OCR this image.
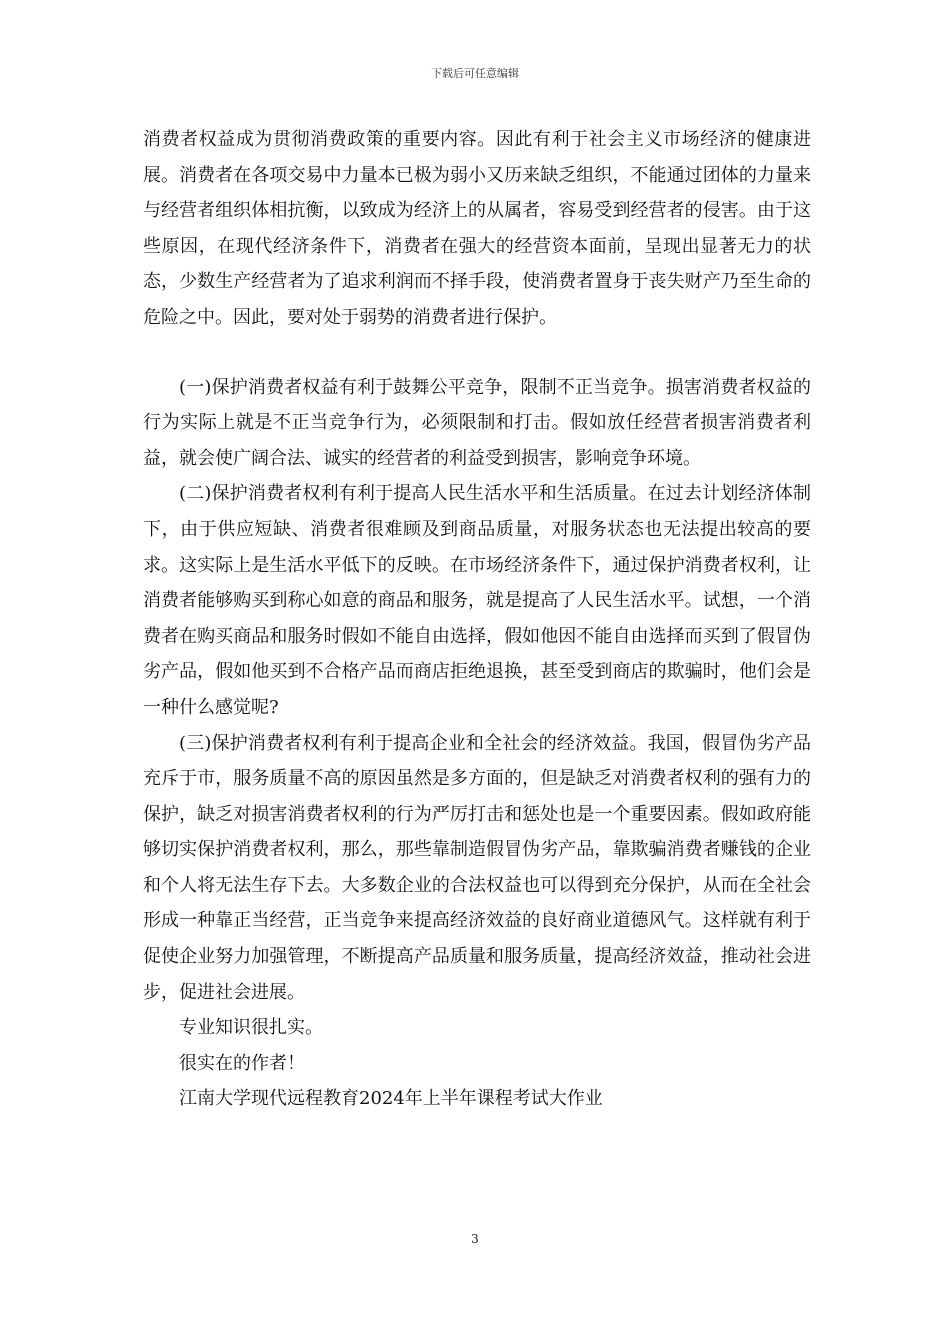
下载后可任意编辑

消费者权益成为贯彻消费政策的重要内容。因此有利于社会主义市场经济的健康进展。消费者在各项交易中力量本已极为弱小又历来缺乏组织，不能通过团体的力量来与经营者组织体相抗衡，以致成为经济上的从属者，容易受到经营者的侵害。由于这些原因，在现代经济条件下，消费者在强大的经营资本面前，呈现出显著无力的状态，少数生产经营者为了追求利润而不择手段，使消费者置身于丧失财产乃至生命的危险之中。因此，要对处于弱势的消费者进行保护。

(一)保护消费者权益有利于鼓舞公平竞争，限制不正当竞争。损害消费者权益的行为实际上就是不正当竞争行为，必须限制和打击。假如放任经营者损害消费者利益，就会使广阔合法、诚实的经营者的利益受到损害，影响竞争环境。

(二)保护消费者权利有利于提高人民生活水平和生活质量。在过去计划经济体制下，由于供应短缺、消费者很难顾及到商品质量，对服务状态也无法提出较高的要求。这实际上是生活水平低下的反映。在市场经济条件下，通过保护消费者权利，让消费者能够购买到称心如意的商品和服务，就是提高了人民生活水平。试想，一个消费者在购买商品和服务时假如不能自由选择，假如他因不能自由选择而买到了假冒伪劣产品，假如他买到不合格产品而商店拒绝退换，甚至受到商店的欺骗时，他们会是一种什么感觉呢?

(三)保护消费者权利有利于提高企业和全社会的经济效益。我国，假冒伪劣产品充斥于市，服务质量不高的原因虽然是多方面的，但是缺乏对消费者权利的强有力的保护，缺乏对损害消费者权利的行为严厉打击和惩处也是一个重要因素。假如政府能够切实保护消费者权利，那么，那些靠制造假冒伪劣产品，靠欺骗消费者赚钱的企业和个人将无法生存下去。大多数企业的合法权益也可以得到充分保护，从而在全社会形成一种靠正当经营，正当竞争来提高经济效益的良好商业道德风气。这样就有利于促使企业努力加强管理，不断提高产品质量和服务质量，提高经济效益，推动社会进步，促进社会进展。

专业知识很扎实。

很实在的作者！

江南大学现代远程教育2024年上半年课程考试大作业

3
